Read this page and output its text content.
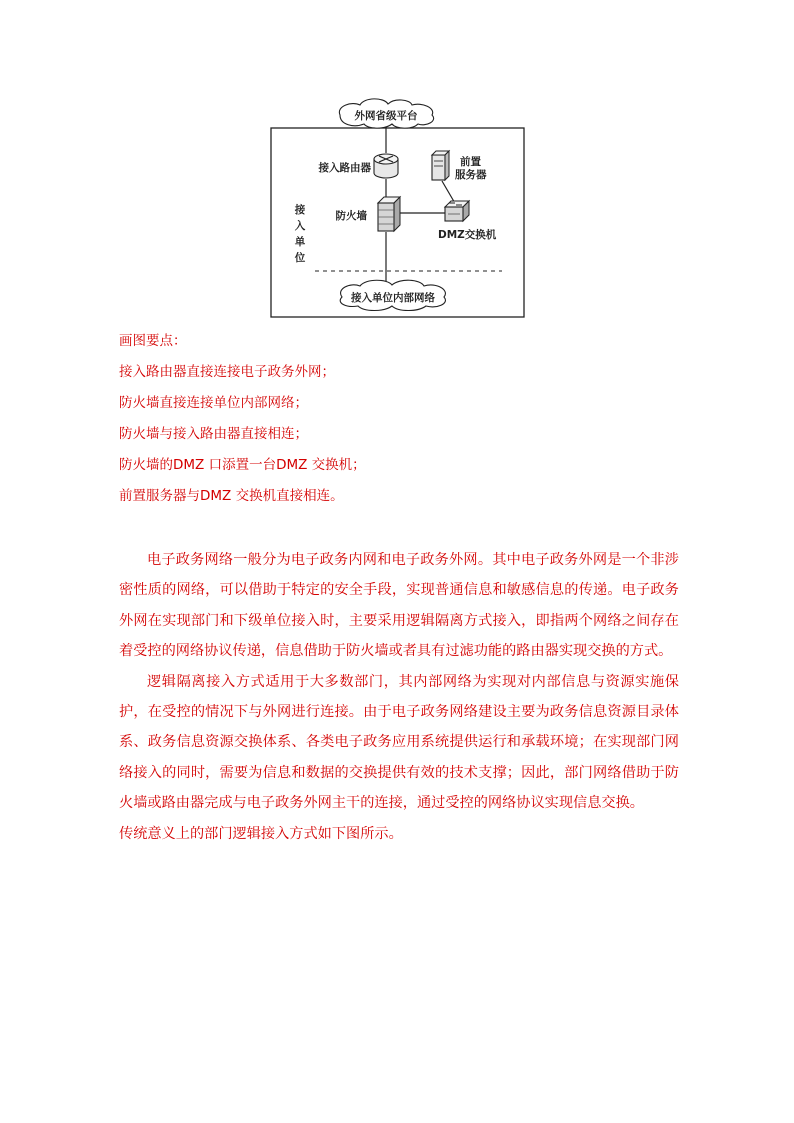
外网省级平台
接入路由器	前置
服务器
防火墙
DMZ交换机
接
入
单
位
接入单位内部网络
画图要点：
接入路由器直接连接电子政务外网；
防火墙直接连接单位内部网络；
防火墙与接入路由器直接相连；
防火墙的DMZ 口添置一台DMZ 交换机；
前置服务器与DMZ 交换机直接相连。

电子政务网络一般分为电子政务内网和电子政务外网。其中电子政务外网是一个非涉密性质的网络，可以借助于特定的安全手段，实现普通信息和敏感信息的传递。电子政务外网在实现部门和下级单位接入时，主要采用逻辑隔离方式接入，即指两个网络之间存在着受控的网络协议传递，信息借助于防火墙或者具有过滤功能的路由器实现交换的方式。

逻辑隔离接入方式适用于大多数部门，其内部网络为实现对内部信息与资源实施保护，在受控的情况下与外网进行连接。由于电子政务网络建设主要为政务信息资源目录体系、政务信息资源交换体系、各类电子政务应用系统提供运行和承载环境；在实现部门网络接入的同时，需要为信息和数据的交换提供有效的技术支撑；因此，部门网络借助于防火墙或路由器完成与电子政务外网主干的连接，通过受控的网络协议实现信息交换。

传统意义上的部门逻辑接入方式如下图所示。
